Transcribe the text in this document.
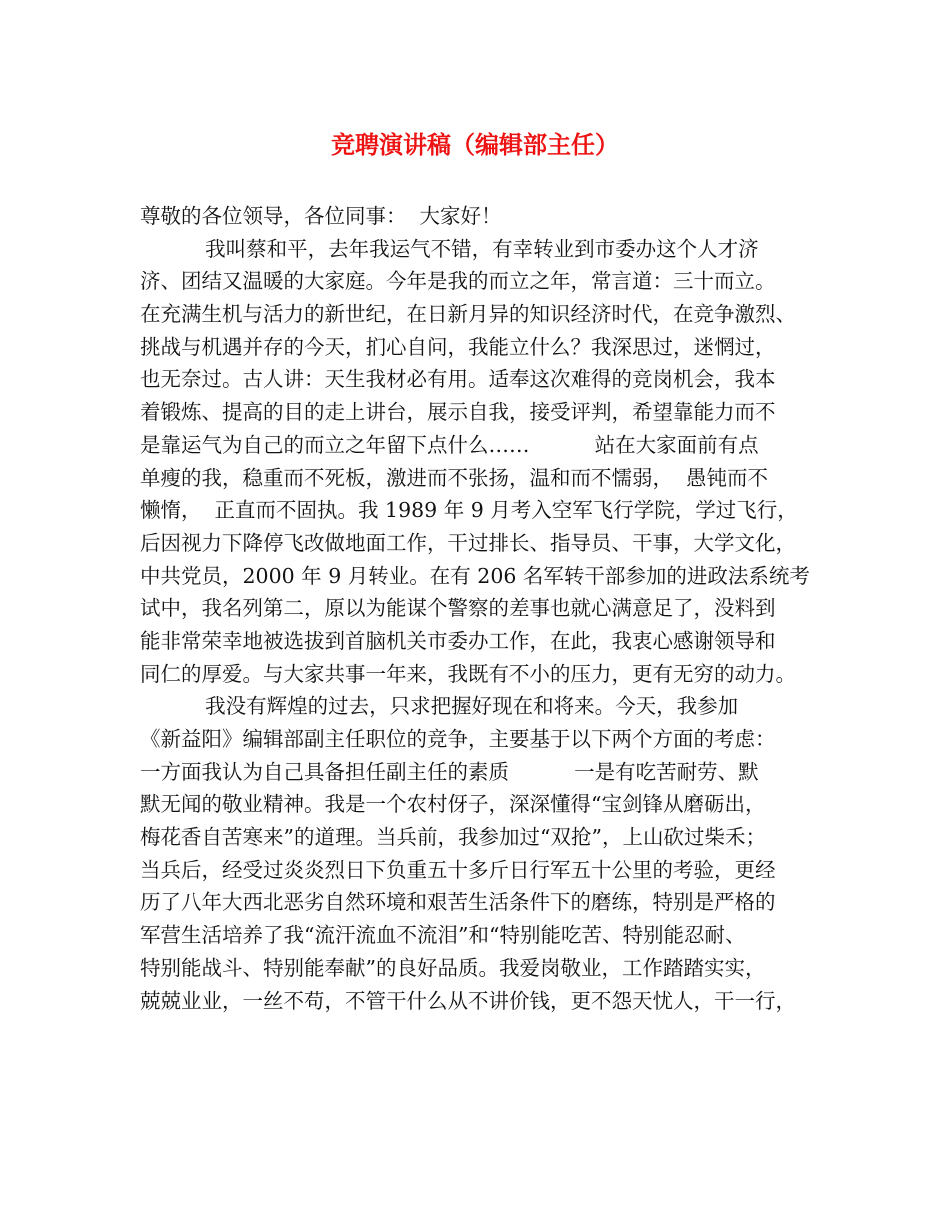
竞聘演讲稿（编辑部主任）
尊敬的各位领导，各位同事：  大家好！
我叫蔡和平，去年我运气不错，有幸转业到市委办这个人才济
济、团结又温暖的大家庭。今年是我的而立之年，常言道：三十而立。
在充满生机与活力的新世纪，在日新月异的知识经济时代，在竞争激烈、
挑战与机遇并存的今天，扪心自问，我能立什么？我深思过，迷惘过，
也无奈过。古人讲：天生我材必有用。适奉这次难得的竞岗机会，我本
着锻炼、提高的目的走上讲台，展示自我，接受评判，希望靠能力而不
是靠运气为自己的而立之年留下点什么……          站在大家面前有点
单瘦的我，稳重而不死板，激进而不张扬，温和而不懦弱，  愚钝而不
懒惰，  正直而不固执。我 1989 年 9 月考入空军飞行学院，学过飞行，
后因视力下降停飞改做地面工作，干过排长、指导员、干事，大学文化，
中共党员，2000 年 9 月转业。在有 206 名军转干部参加的进政法系统考
试中，我名列第二，原以为能谋个警察的差事也就心满意足了，没料到
能非常荣幸地被选拔到首脑机关市委办工作，在此，我衷心感谢领导和
同仁的厚爱。与大家共事一年来，我既有不小的压力，更有无穷的动力。
我没有辉煌的过去，只求把握好现在和将来。今天，我参加
《新益阳》编辑部副主任职位的竞争，主要基于以下两个方面的考虑：
一方面我认为自己具备担任副主任的素质          一是有吃苦耐劳、默
默无闻的敬业精神。我是一个农村伢子，深深懂得“宝剑锋从磨砺出，
梅花香自苦寒来”的道理。当兵前，我参加过“双抢”，上山砍过柴禾；
当兵后，经受过炎炎烈日下负重五十多斤日行军五十公里的考验，更经
历了八年大西北恶劣自然环境和艰苦生活条件下的磨练，特别是严格的
军营生活培养了我“流汗流血不流泪”和“特别能吃苦、特别能忍耐、
特别能战斗、特别能奉献”的良好品质。我爱岗敬业，工作踏踏实实，
兢兢业业，一丝不苟，不管干什么从不讲价钱，更不怨天忧人，干一行，
